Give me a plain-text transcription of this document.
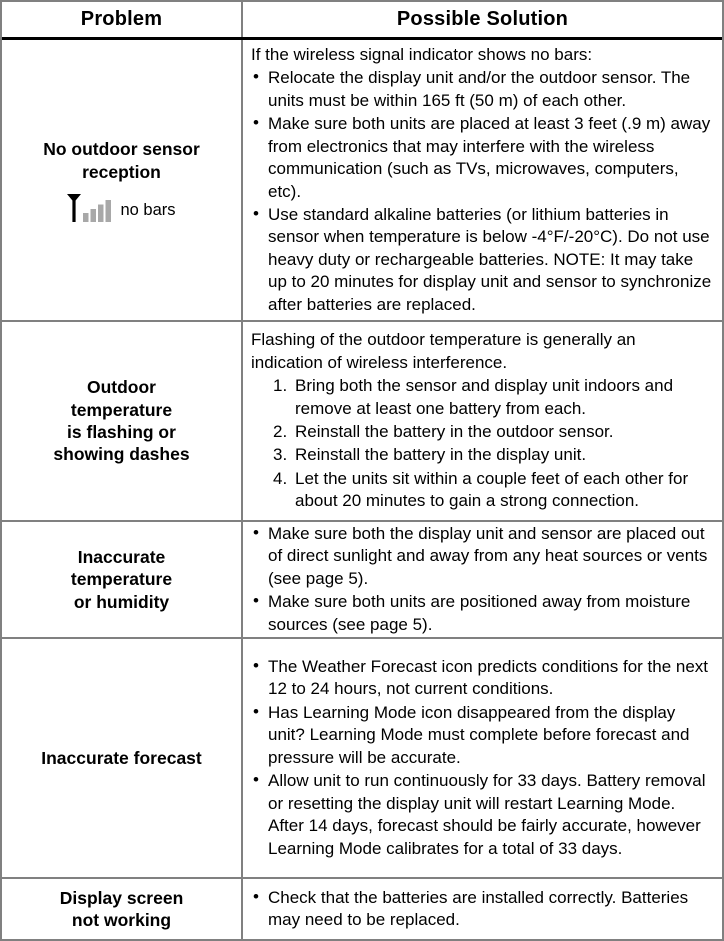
Problem	Possible Solution
No outdoor sensor
reception
no bars

If the wireless signal indicator shows no bars:

• Relocate the display unit and/or the outdoor sensor. The units must be within 165 ft (50 m) of each other.
• Make sure both units are placed at least 3 feet (.9 m) away from electronics that may interfere with the wireless communication (such as TVs, microwaves, computers, etc).
• Use standard alkaline batteries (or lithium batteries in sensor when temperature is below -4°F/-20°C). Do not use heavy duty or rechargeable batteries. NOTE: It may take up to 20 minutes for display unit and sensor to synchronize after batteries are replaced.
Outdoor
temperature
is flashing or
showing dashes

Flashing of the outdoor temperature is generally an indication of wireless interference.

1. Bring both the sensor and display unit indoors and remove at least one battery from each.
2. Reinstall the battery in the outdoor sensor.
3. Reinstall the battery in the display unit.
4. Let the units sit within a couple feet of each other for about 20 minutes to gain a strong connection.
Inaccurate
temperature
or humidity
• Make sure both the display unit and sensor are placed out of direct sunlight and away from any heat sources or vents (see page 5).
• Make sure both units are positioned away from moisture sources (see page 5).
Inaccurate forecast
• The Weather Forecast icon predicts conditions for the next 12 to 24 hours, not current conditions.
• Has Learning Mode icon disappeared from the display unit? Learning Mode must complete before forecast and pressure will be accurate.
• Allow unit to run continuously for 33 days. Battery removal or resetting the display unit will restart Learning Mode. After 14 days, forecast should be fairly accurate, however Learning Mode calibrates for a total of 33 days.
Display screen
not working
• Check that the batteries are installed correctly. Batteries may need to be replaced.
